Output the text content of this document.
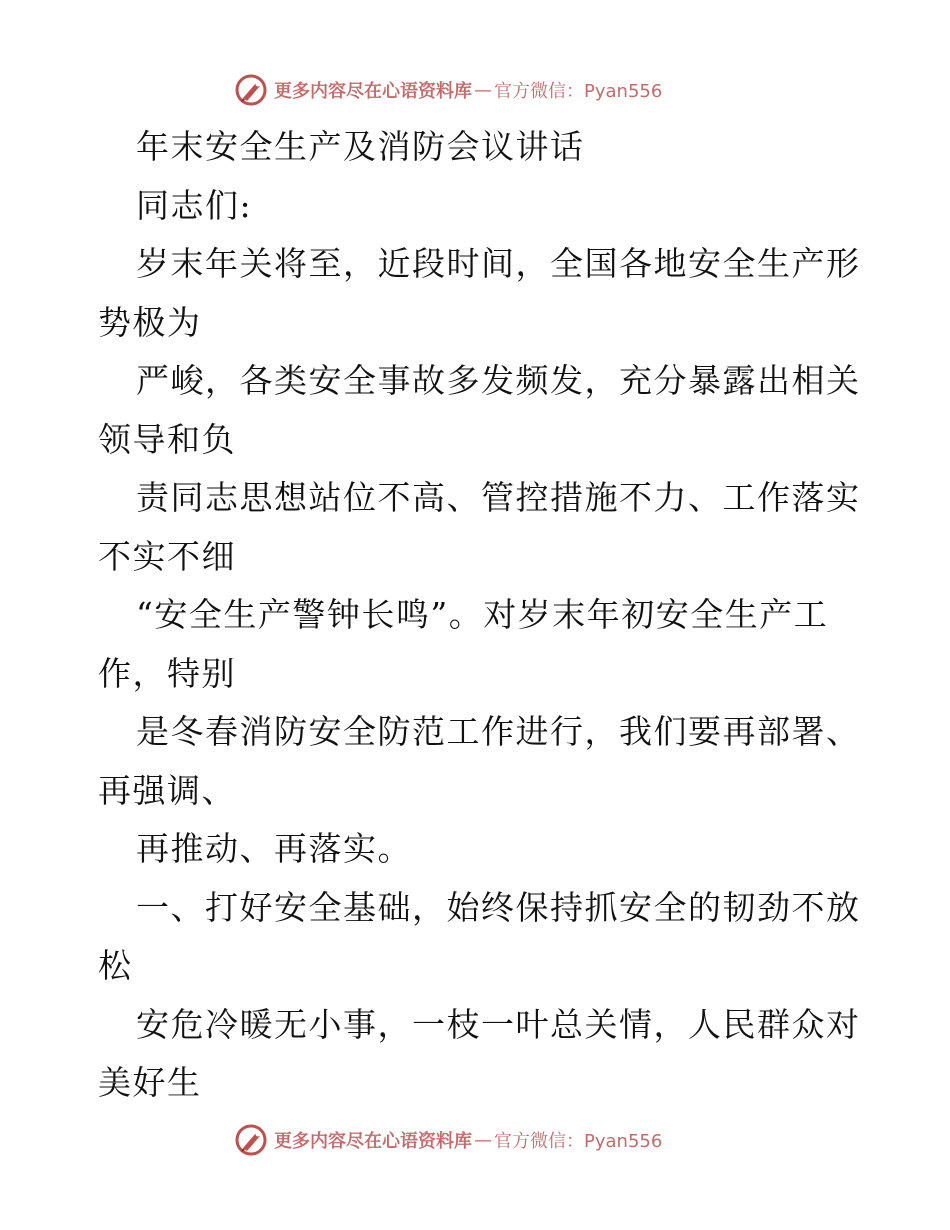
更多内容尽在心语资料库 — 官方微信：Pyan556
年末安全生产及消防会议讲话
同志们:
岁末年关将至，近段时间，全国各地安全生产形
势极为
严峻，各类安全事故多发频发，充分暴露出相关
领导和负
责同志思想站位不高、管控措施不力、工作落实
不实不细
“安全生产警钟长鸣”。对岁末年初安全生产工
作，特别
是冬春消防安全防范工作进行，我们要再部署、
再强调、
再推动、再落实。
一、打好安全基础，始终保持抓安全的韧劲不放
松
安危冷暖无小事，一枝一叶总关情，人民群众对
美好生
更多内容尽在心语资料库 — 官方微信：Pyan556
